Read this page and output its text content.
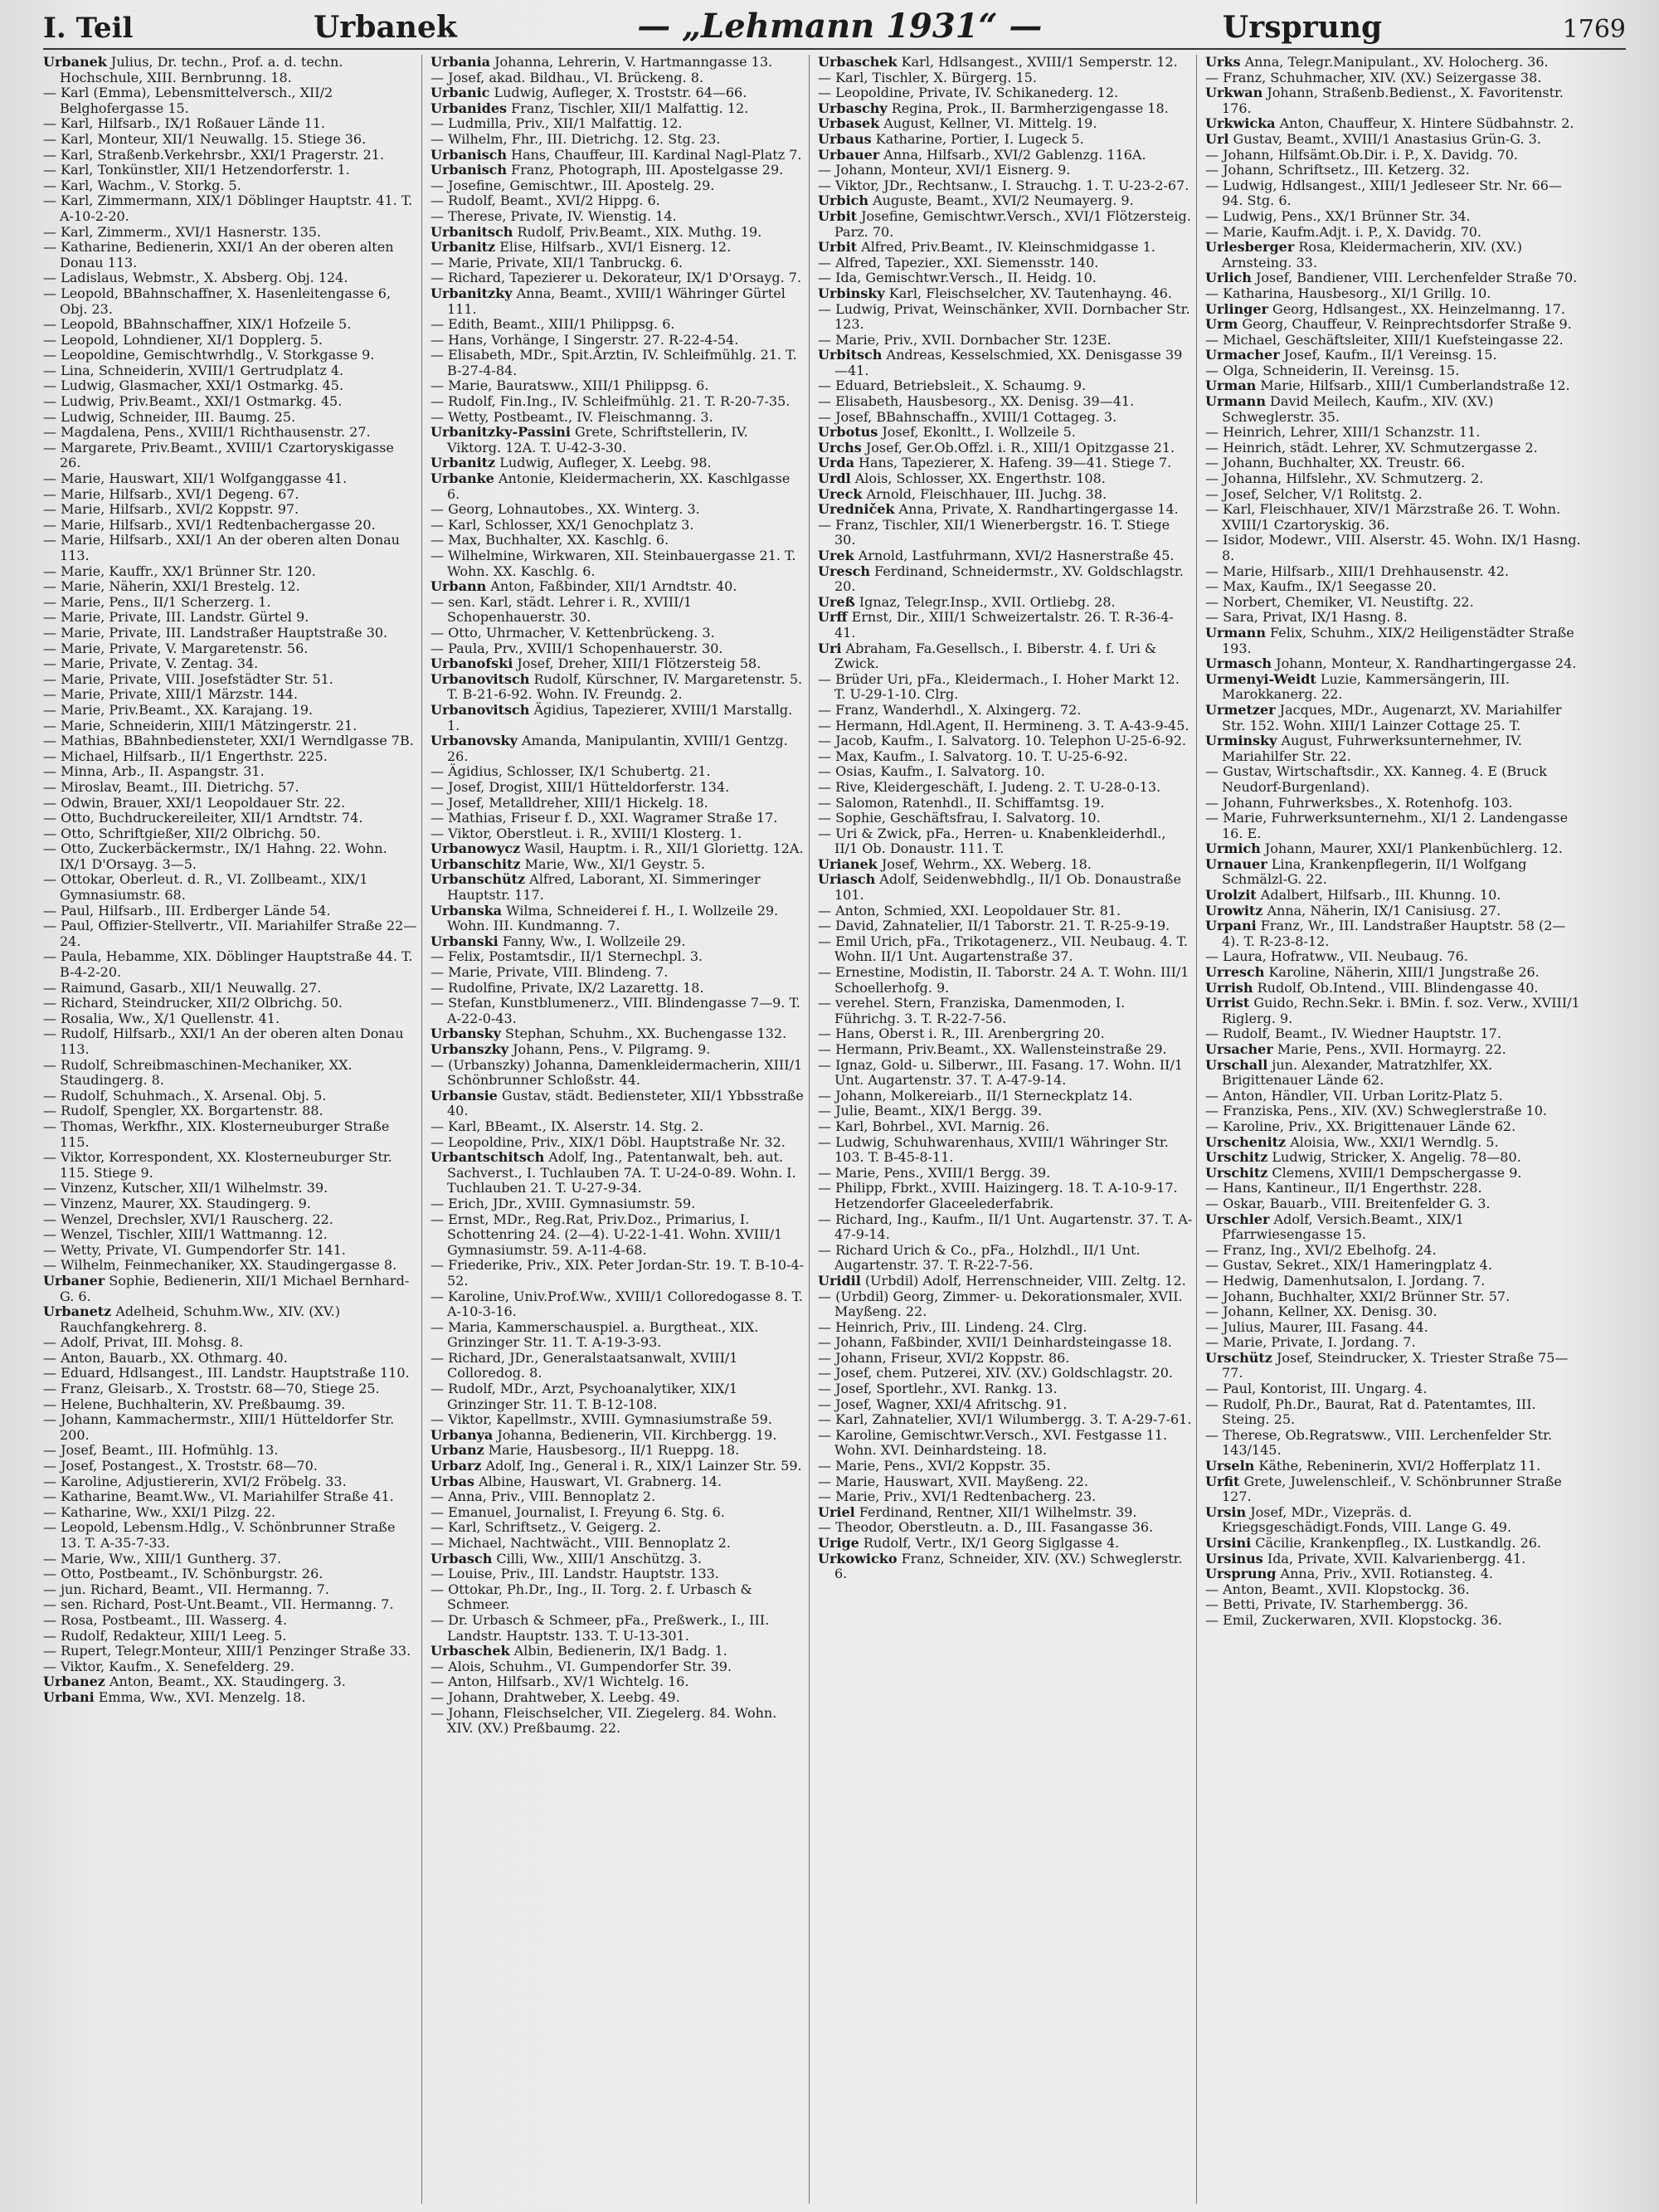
I. Teil	Urbanek	— „Lehmann 1931“ —	Ursprung	1769
Urbanek Julius, Dr. techn., Prof. a. d. techn. Hochschule, XIII. Bernbrunng. 18.
— Karl (Emma), Lebensmittelversch., XII/2 Belghofergasse 15.
— Karl, Hilfsarb., IX/1 Roßauer Lände 11.
— Karl, Monteur, XII/1 Neuwallg. 15. Stiege 36.
— Karl, Straßenb.Verkehrsbr., XXI/1 Pragerstr. 21.
— Karl, Tonkünstler, XII/1 Hetzendorferstr. 1.
— Karl, Wachm., V. Storkg. 5.
— Karl, Zimmermann, XIX/1 Döblinger Hauptstr. 41. T. A-10-2-20.
— Karl, Zimmerm., XVI/1 Hasnerstr. 135.
— Katharine, Bedienerin, XXI/1 An der oberen alten Donau 113.
— Ladislaus, Webmstr., X. Absberg. Obj. 124.
— Leopold, BBahnschaffner, X. Hasenleitengasse 6, Obj. 23.
— Leopold, BBahnschaffner, XIX/1 Hofzeile 5.
— Leopold, Lohndiener, XI/1 Dopplerg. 5.
— Leopoldine, Gemischtwrhdlg., V. Storkgasse 9.
— Lina, Schneiderin, XVIII/1 Gertrudplatz 4.
— Ludwig, Glasmacher, XXI/1 Ostmarkg. 45.
— Ludwig, Priv.Beamt., XXI/1 Ostmarkg. 45.
— Ludwig, Schneider, III. Baumg. 25.
— Magdalena, Pens., XVIII/1 Richthausenstr. 27.
— Margarete, Priv.Beamt., XVIII/1 Czartoryskigasse 26.
— Marie, Hauswart, XII/1 Wolfganggasse 41.
— Marie, Hilfsarb., XVI/1 Degeng. 67.
— Marie, Hilfsarb., XVI/2 Koppstr. 97.
— Marie, Hilfsarb., XVI/1 Redtenbachergasse 20.
— Marie, Hilfsarb., XXI/1 An der oberen alten Donau 113.
— Marie, Kauffr., XX/1 Brünner Str. 120.
— Marie, Näherin, XXI/1 Brestelg. 12.
— Marie, Pens., II/1 Scherzerg. 1.
— Marie, Private, III. Landstr. Gürtel 9.
— Marie, Private, III. Landstraßer Hauptstraße 30.
— Marie, Private, V. Margaretenstr. 56.
— Marie, Private, V. Zentag. 34.
— Marie, Private, VIII. Josefstädter Str. 51.
— Marie, Private, XIII/1 Märzstr. 144.
— Marie, Priv.Beamt., XX. Karajang. 19.
— Marie, Schneiderin, XIII/1 Mätzingerstr. 21.
— Mathias, BBahnbediensteter, XXI/1 Werndlgasse 7B.
— Michael, Hilfsarb., II/1 Engerthstr. 225.
— Minna, Arb., II. Aspangstr. 31.
— Miroslav, Beamt., III. Dietrichg. 57.
— Odwin, Brauer, XXI/1 Leopoldauer Str. 22.
— Otto, Buchdruckereileiter, XII/1 Arndtstr. 74.
— Otto, Schriftgießer, XII/2 Olbrichg. 50.
— Otto, Zuckerbäckermstr., IX/1 Hahng. 22. Wohn. IX/1 D'Orsayg. 3—5.
— Ottokar, Oberleut. d. R., VI. Zollbeamt., XIX/1 Gymnasiumstr. 68.
— Paul, Hilfsarb., III. Erdberger Lände 54.
— Paul, Offizier-Stellvertr., VII. Mariahilfer Straße 22—24.
— Paula, Hebamme, XIX. Döblinger Hauptstraße 44. T. B-4-2-20.
— Raimund, Gasarb., XII/1 Neuwallg. 27.
— Richard, Steindrucker, XII/2 Olbrichg. 50.
— Rosalia, Ww., X/1 Quellenstr. 41.
— Rudolf, Hilfsarb., XXI/1 An der oberen alten Donau 113.
— Rudolf, Schreibmaschinen-Mechaniker, XX. Staudingerg. 8.
— Rudolf, Schuhmach., X. Arsenal. Obj. 5.
— Rudolf, Spengler, XX. Borgartenstr. 88.
— Thomas, Werkfhr., XIX. Klosterneuburger Straße 115.
— Viktor, Korrespondent, XX. Klosterneuburger Str. 115. Stiege 9.
— Vinzenz, Kutscher, XII/1 Wilhelmstr. 39.
— Vinzenz, Maurer, XX. Staudingerg. 9.
— Wenzel, Drechsler, XVI/1 Rauscherg. 22.
— Wenzel, Tischler, XIII/1 Wattmanng. 12.
— Wetty, Private, VI. Gumpendorfer Str. 141.
— Wilhelm, Feinmechaniker, XX. Staudingergasse 8.
Urbaner Sophie, Bedienerin, XII/1 Michael Bernhard-G. 6.
Urbanetz Adelheid, Schuhm.Ww., XIV. (XV.) Rauchfangkehrerg. 8.
— Adolf, Privat, III. Mohsg. 8.
— Anton, Bauarb., XX. Othmarg. 40.
— Eduard, Hdlsangest., III. Landstr. Hauptstraße 110.
— Franz, Gleisarb., X. Troststr. 68—70, Stiege 25.
— Helene, Buchhalterin, XV. Preßbaumg. 39.
— Johann, Kammachermstr., XIII/1 Hütteldorfer Str. 200.
— Josef, Beamt., III. Hofmühlg. 13.
— Josef, Postangest., X. Troststr. 68—70.
— Karoline, Adjustiererin, XVI/2 Fröbelg. 33.
— Katharine, Beamt.Ww., VI. Mariahilfer Straße 41.
— Katharine, Ww., XXI/1 Pilzg. 22.
— Leopold, Lebensm.Hdlg., V. Schönbrunner Straße 13. T. A-35-7-33.
— Marie, Ww., XIII/1 Guntherg. 37.
— Otto, Postbeamt., IV. Schönburgstr. 26.
— jun. Richard, Beamt., VII. Hermanng. 7.
— sen. Richard, Post-Unt.Beamt., VII. Hermanng. 7.
— Rosa, Postbeamt., III. Wasserg. 4.
— Rudolf, Redakteur, XIII/1 Leeg. 5.
— Rupert, Telegr.Monteur, XIII/1 Penzinger Straße 33.
— Viktor, Kaufm., X. Senefelderg. 29.
Urbanez Anton, Beamt., XX. Staudingerg. 3.
Urbani Emma, Ww., XVI. Menzelg. 18.
Urbania Johanna, Lehrerin, V. Hartmanngasse 13.
— Josef, akad. Bildhau., VI. Brückeng. 8.
Urbanic Ludwig, Aufleger, X. Troststr. 64—66.
Urbanides Franz, Tischler, XII/1 Malfattig. 12.
— Ludmilla, Priv., XII/1 Malfattig. 12.
— Wilhelm, Fhr., III. Dietrichg. 12. Stg. 23.
Urbanisch Hans, Chauffeur, III. Kardinal Nagl-Platz 7.
Urbanisch Franz, Photograph, III. Apostelgasse 29.
— Josefine, Gemischtwr., III. Apostelg. 29.
— Rudolf, Beamt., XVI/2 Hippg. 6.
— Therese, Private, IV. Wienstig. 14.
Urbanitsch Rudolf, Priv.Beamt., XIX. Muthg. 19.
Urbanitz Elise, Hilfsarb., XVI/1 Eisnerg. 12.
— Marie, Private, XII/1 Tanbruckg. 6.
— Richard, Tapezierer u. Dekorateur, IX/1 D'Orsayg. 7.
Urbanitzky Anna, Beamt., XVIII/1 Währinger Gürtel 111.
— Edith, Beamt., XIII/1 Philippsg. 6.
— Hans, Vorhänge, I Singerstr. 27. R-22-4-54.
— Elisabeth, MDr., Spit.Ärztin, IV. Schleifmühlg. 21. T. B-27-4-84.
— Marie, Bauratsww., XIII/1 Philippsg. 6.
— Rudolf, Fin.Ing., IV. Schleifmühlg. 21. T. R-20-7-35.
— Wetty, Postbeamt., IV. Fleischmanng. 3.
Urbanitzky-Passini Grete, Schriftstellerin, IV. Viktorg. 12A. T. U-42-3-30.
Urbanitz Ludwig, Aufleger, X. Leebg. 98.
Urbanke Antonie, Kleidermacherin, XX. Kaschlgasse 6.
— Georg, Lohnautobes., XX. Winterg. 3.
— Karl, Schlosser, XX/1 Genochplatz 3.
— Max, Buchhalter, XX. Kaschlg. 6.
— Wilhelmine, Wirkwaren, XII. Steinbauergasse 21. T. Wohn. XX. Kaschlg. 6.
Urbann Anton, Faßbinder, XII/1 Arndtstr. 40.
— sen. Karl, städt. Lehrer i. R., XVIII/1 Schopenhauerstr. 30.
— Otto, Uhrmacher, V. Kettenbrückeng. 3.
— Paula, Prv., XVIII/1 Schopenhauerstr. 30.
Urbanofski Josef, Dreher, XIII/1 Flötzersteig 58.
Urbanovitsch Rudolf, Kürschner, IV. Margaretenstr. 5. T. B-21-6-92. Wohn. IV. Freundg. 2.
Urbanovitsch Ägidius, Tapezierer, XVIII/1 Marstallg. 1.
Urbanovsky Amanda, Manipulantin, XVIII/1 Gentzg. 26.
— Ägidius, Schlosser, IX/1 Schubertg. 21.
— Josef, Drogist, XIII/1 Hütteldorferstr. 134.
— Josef, Metalldreher, XIII/1 Hickelg. 18.
— Mathias, Friseur f. D., XXI. Wagramer Straße 17.
— Viktor, Oberstleut. i. R., XVIII/1 Klosterg. 1.
Urbanowycz Wasil, Hauptm. i. R., XII/1 Gloriettg. 12A.
Urbanschitz Marie, Ww., XI/1 Geystr. 5.
Urbanschütz Alfred, Laborant, XI. Simmeringer Hauptstr. 117.
Urbanska Wilma, Schneiderei f. H., I. Wollzeile 29. Wohn. III. Kundmanng. 7.
Urbanski Fanny, Ww., I. Wollzeile 29.
— Felix, Postamtsdir., II/1 Sternechpl. 3.
— Marie, Private, VIII. Blindeng. 7.
— Rudolfine, Private, IX/2 Lazarettg. 18.
— Stefan, Kunstblumenerz., VIII. Blindengasse 7—9. T. A-22-0-43.
Urbansky Stephan, Schuhm., XX. Buchengasse 132.
Urbanszky Johann, Pens., V. Pilgramg. 9.
— (Urbanszky) Johanna, Damenkleidermacherin, XIII/1 Schönbrunner Schloßstr. 44.
Urbansie Gustav, städt. Bediensteter, XII/1 Ybbsstraße 40.
— Karl, BBeamt., IX. Alserstr. 14. Stg. 2.
— Leopoldine, Priv., XIX/1 Döbl. Hauptstraße Nr. 32.
Urbantschitsch Adolf, Ing., Patentanwalt, beh. aut. Sachverst., I. Tuchlauben 7A. T. U-24-0-89. Wohn. I. Tuchlauben 21. T. U-27-9-34.
— Erich, JDr., XVIII. Gymnasiumstr. 59.
— Ernst, MDr., Reg.Rat, Priv.Doz., Primarius, I. Schottenring 24. (2—4). U-22-1-41. Wohn. XVIII/1 Gymnasiumstr. 59. A-11-4-68.
— Friederike, Priv., XIX. Peter Jordan-Str. 19. T. B-10-4-52.
— Karoline, Univ.Prof.Ww., XVIII/1 Colloredogasse 8. T. A-10-3-16.
— Maria, Kammerschauspiel. a. Burgtheat., XIX. Grinzinger Str. 11. T. A-19-3-93.
— Richard, JDr., Generalstaatsanwalt, XVIII/1 Colloredog. 8.
— Rudolf, MDr., Arzt, Psychoanalytiker, XIX/1 Grinzinger Str. 11. T. B-12-108.
— Viktor, Kapellmstr., XVIII. Gymnasiumstraße 59.
Urbanya Johanna, Bedienerin, VII. Kirchbergg. 19.
Urbanz Marie, Hausbesorg., II/1 Rueppg. 18.
Urbarz Adolf, Ing., General i. R., XIX/1 Lainzer Str. 59.
Urbas Albine, Hauswart, VI. Grabnerg. 14.
— Anna, Priv., VIII. Bennoplatz 2.
— Emanuel, Journalist, I. Freyung 6. Stg. 6.
— Karl, Schriftsetz., V. Geigerg. 2.
— Michael, Nachtwächt., VIII. Bennoplatz 2.
Urbasch Cilli, Ww., XIII/1 Anschützg. 3.
— Louise, Priv., III. Landstr. Hauptstr. 133.
— Ottokar, Ph.Dr., Ing., II. Torg. 2. f. Urbasch & Schmeer.
— Dr. Urbasch & Schmeer, pFa., Preßwerk., I., III. Landstr. Hauptstr. 133. T. U-13-301.
Urbaschek Albin, Bedienerin, IX/1 Badg. 1.
— Alois, Schuhm., VI. Gumpendorfer Str. 39.
— Anton, Hilfsarb., XV/1 Wichtelg. 16.
— Johann, Drahtweber, X. Leebg. 49.
— Johann, Fleischselcher, VII. Ziegelerg. 84. Wohn. XIV. (XV.) Preßbaumg. 22.
Urbaschek Karl, Hdlsangest., XVIII/1 Semperstr. 12.
— Karl, Tischler, X. Bürgerg. 15.
— Leopoldine, Private, IV. Schikanederg. 12.
Urbaschy Regina, Prok., II. Barmherzigengasse 18.
Urbasek August, Kellner, VI. Mittelg. 19.
Urbaus Katharine, Portier, I. Lugeck 5.
Urbauer Anna, Hilfsarb., XVI/2 Gablenzg. 116A.
— Johann, Monteur, XVI/1 Eisnerg. 9.
— Viktor, JDr., Rechtsanw., I. Strauchg. 1. T. U-23-2-67.
Urbich Auguste, Beamt., XVI/2 Neumayerg. 9.
Urbit Josefine, Gemischtwr.Versch., XVI/1 Flötzersteig. Parz. 70.
Urbit Alfred, Priv.Beamt., IV. Kleinschmidgasse 1.
— Alfred, Tapezier., XXI. Siemensstr. 140.
— Ida, Gemischtwr.Versch., II. Heidg. 10.
Urbinsky Karl, Fleischselcher, XV. Tautenhayng. 46.
— Ludwig, Privat, Weinschänker, XVII. Dornbacher Str. 123.
— Marie, Priv., XVII. Dornbacher Str. 123E.
Urbitsch Andreas, Kesselschmied, XX. Denisgasse 39—41.
— Eduard, Betriebsleit., X. Schaumg. 9.
— Elisabeth, Hausbesorg., XX. Denisg. 39—41.
— Josef, BBahnschaffn., XVIII/1 Cottageg. 3.
Urbotus Josef, Ekonltt., I. Wollzeile 5.
Urchs Josef, Ger.Ob.Offzl. i. R., XIII/1 Opitzgasse 21.
Urda Hans, Tapezierer, X. Hafeng. 39—41. Stiege 7.
Urdl Alois, Schlosser, XX. Engerthstr. 108.
Ureck Arnold, Fleischhauer, III. Juchg. 38.
Uredniček Anna, Private, X. Randhartingergasse 14.
— Franz, Tischler, XII/1 Wienerbergstr. 16. T. Stiege 30.
Urek Arnold, Lastfuhrmann, XVI/2 Hasnerstraße 45.
Uresch Ferdinand, Schneidermstr., XV. Goldschlagstr. 20.
Ureß Ignaz, Telegr.Insp., XVII. Ortliebg. 28.
Urff Ernst, Dir., XIII/1 Schweizertalstr. 26. T. R-36-4-41.
Uri Abraham, Fa.Gesellsch., I. Biberstr. 4. f. Uri & Zwick.
— Brüder Uri, pFa., Kleidermach., I. Hoher Markt 12. T. U-29-1-10. Clrg.
— Franz, Wanderhdl., X. Alxingerg. 72.
— Hermann, Hdl.Agent, II. Hermineng. 3. T. A-43-9-45.
— Jacob, Kaufm., I. Salvatorg. 10. Telephon U-25-6-92.
— Max, Kaufm., I. Salvatorg. 10. T. U-25-6-92.
— Osias, Kaufm., I. Salvatorg. 10.
— Rive, Kleidergeschäft, I. Judeng. 2. T. U-28-0-13.
— Salomon, Ratenhdl., II. Schiffamtsg. 19.
— Sophie, Geschäftsfrau, I. Salvatorg. 10.
— Uri & Zwick, pFa., Herren- u. Knabenkleiderhdl., II/1 Ob. Donaustr. 111. T.
Urianek Josef, Wehrm., XX. Weberg. 18.
Uriasch Adolf, Seidenwebhdlg., II/1 Ob. Donaustraße 101.
— Anton, Schmied, XXI. Leopoldauer Str. 81.
— David, Zahnatelier, II/1 Taborstr. 21. T. R-25-9-19.
— Emil Urich, pFa., Trikotagenerz., VII. Neubaug. 4. T. Wohn. II/1 Unt. Augartenstraße 37.
— Ernestine, Modistin, II. Taborstr. 24 A. T. Wohn. III/1 Schoellerhofg. 9.
— verehel. Stern, Franziska, Damenmoden, I. Führichg. 3. T. R-22-7-56.
— Hans, Oberst i. R., III. Arenbergring 20.
— Hermann, Priv.Beamt., XX. Wallensteinstraße 29.
— Ignaz, Gold- u. Silberwr., III. Fasang. 17. Wohn. II/1 Unt. Augartenstr. 37. T. A-47-9-14.
— Johann, Molkereiarb., II/1 Sterneckplatz 14.
— Julie, Beamt., XIX/1 Bergg. 39.
— Karl, Bohrbel., XVI. Marnig. 26.
— Ludwig, Schuhwarenhaus, XVIII/1 Währinger Str. 103. T. B-45-8-11.
— Marie, Pens., XVIII/1 Bergg. 39.
— Philipp, Fbrkt., XVIII. Haizingerg. 18. T. A-10-9-17. Hetzendorfer Glaceelederfabrik.
— Richard, Ing., Kaufm., II/1 Unt. Augartenstr. 37. T. A-47-9-14.
— Richard Urich & Co., pFa., Holzhdl., II/1 Unt. Augartenstr. 37. T. R-22-7-56.
Uridil (Urbdil) Adolf, Herrenschneider, VIII. Zeltg. 12.
— (Urbdil) Georg, Zimmer- u. Dekorationsmaler, XVII. Mayßeng. 22.
— Heinrich, Priv., III. Lindeng. 24. Clrg.
— Johann, Faßbinder, XVII/1 Deinhardsteingasse 18.
— Johann, Friseur, XVI/2 Koppstr. 86.
— Josef, chem. Putzerei, XIV. (XV.) Goldschlagstr. 20.
— Josef, Sportlehr., XVI. Rankg. 13.
— Josef, Wagner, XXI/4 Afritschg. 91.
— Karl, Zahnatelier, XVI/1 Wilumbergg. 3. T. A-29-7-61.
— Karoline, Gemischtwr.Versch., XVI. Festgasse 11. Wohn. XVI. Deinhardsteing. 18.
— Marie, Pens., XVI/2 Koppstr. 35.
— Marie, Hauswart, XVII. Mayßeng. 22.
— Marie, Priv., XVI/1 Redtenbacherg. 23.
Uriel Ferdinand, Rentner, XII/1 Wilhelmstr. 39.
— Theodor, Oberstleutn. a. D., III. Fasangasse 36.
Urige Rudolf, Vertr., IX/1 Georg Siglgasse 4.
Urkowicko Franz, Schneider, XIV. (XV.) Schweglerstr. 6.
Urks Anna, Telegr.Manipulant., XV. Holocherg. 36.
— Franz, Schuhmacher, XIV. (XV.) Seizergasse 38.
Urkwan Johann, Straßenb.Bedienst., X. Favoritenstr. 176.
Urkwicka Anton, Chauffeur, X. Hintere Südbahnstr. 2.
Url Gustav, Beamt., XVIII/1 Anastasius Grün-G. 3.
— Johann, Hilfsämt.Ob.Dir. i. P., X. Davidg. 70.
— Johann, Schriftsetz., III. Ketzerg. 32.
— Ludwig, Hdlsangest., XIII/1 Jedleseer Str. Nr. 66—94. Stg. 6.
— Ludwig, Pens., XX/1 Brünner Str. 34.
— Marie, Kaufm.Adjt. i. P., X. Davidg. 70.
Urlesberger Rosa, Kleidermacherin, XIV. (XV.) Arnsteing. 33.
Urlich Josef, Bandiener, VIII. Lerchenfelder Straße 70.
— Katharina, Hausbesorg., XI/1 Grillg. 10.
Urlinger Georg, Hdlsangest., XX. Heinzelmanng. 17.
Urm Georg, Chauffeur, V. Reinprechtsdorfer Straße 9.
— Michael, Geschäftsleiter, XIII/1 Kuefsteingasse 22.
Urmacher Josef, Kaufm., II/1 Vereinsg. 15.
— Olga, Schneiderin, II. Vereinsg. 15.
Urman Marie, Hilfsarb., XIII/1 Cumberlandstraße 12.
Urmann David Meilech, Kaufm., XIV. (XV.) Schweglerstr. 35.
— Heinrich, Lehrer, XIII/1 Schanzstr. 11.
— Heinrich, städt. Lehrer, XV. Schmutzergasse 2.
— Johann, Buchhalter, XX. Treustr. 66.
— Johanna, Hilfslehr., XV. Schmutzerg. 2.
— Josef, Selcher, V/1 Rolitstg. 2.
— Karl, Fleischhauer, XIV/1 Märzstraße 26. T. Wohn. XVIII/1 Czartoryskig. 36.
— Isidor, Modewr., VIII. Alserstr. 45. Wohn. IX/1 Hasng. 8.
— Marie, Hilfsarb., XIII/1 Drehhausenstr. 42.
— Max, Kaufm., IX/1 Seegasse 20.
— Norbert, Chemiker, VI. Neustiftg. 22.
— Sara, Privat, IX/1 Hasng. 8.
Urmann Felix, Schuhm., XIX/2 Heiligenstädter Straße 193.
Urmasch Johann, Monteur, X. Randhartingergasse 24.
Urmenyi-Weidt Luzie, Kammersängerin, III. Marokkanerg. 22.
Urmetzer Jacques, MDr., Augenarzt, XV. Mariahilfer Str. 152. Wohn. XIII/1 Lainzer Cottage 25. T.
Urminsky August, Fuhrwerksunternehmer, IV. Mariahilfer Str. 22.
— Gustav, Wirtschaftsdir., XX. Kanneg. 4. E (Bruck Neudorf-Burgenland).
— Johann, Fuhrwerksbes., X. Rotenhofg. 103.
— Marie, Fuhrwerksunternehm., XI/1 2. Landengasse 16. E.
Urmich Johann, Maurer, XXI/1 Plankenbüchlerg. 12.
Urnauer Lina, Krankenpflegerin, II/1 Wolfgang Schmälzl-G. 22.
Urolzit Adalbert, Hilfsarb., III. Khunng. 10.
Urowitz Anna, Näherin, IX/1 Canisiusg. 27.
Urpani Franz, Wr., III. Landstraßer Hauptstr. 58 (2—4). T. R-23-8-12.
— Laura, Hofratww., VII. Neubaug. 76.
Urresch Karoline, Näherin, XIII/1 Jungstraße 26.
Urrish Rudolf, Ob.Intend., VIII. Blindengasse 40.
Urrist Guido, Rechn.Sekr. i. BMin. f. soz. Verw., XVIII/1 Riglerg. 9.
— Rudolf, Beamt., IV. Wiedner Hauptstr. 17.
Ursacher Marie, Pens., XVII. Hormayrg. 22.
Urschall jun. Alexander, Matratzhlfer, XX. Brigittenauer Lände 62.
— Anton, Händler, VII. Urban Loritz-Platz 5.
— Franziska, Pens., XIV. (XV.) Schweglerstraße 10.
— Karoline, Priv., XX. Brigittenauer Lände 62.
Urschenitz Aloisia, Ww., XXI/1 Werndlg. 5.
Urschitz Ludwig, Stricker, X. Angelig. 78—80.
Urschitz Clemens, XVIII/1 Dempschergasse 9.
— Hans, Kantineur., II/1 Engerthstr. 228.
— Oskar, Bauarb., VIII. Breitenfelder G. 3.
Urschler Adolf, Versich.Beamt., XIX/1 Pfarrwiesengasse 15.
— Franz, Ing., XVI/2 Ebelhofg. 24.
— Gustav, Sekret., XIX/1 Hameringplatz 4.
— Hedwig, Damenhutsalon, I. Jordang. 7.
— Johann, Buchhalter, XXI/2 Brünner Str. 57.
— Johann, Kellner, XX. Denisg. 30.
— Julius, Maurer, III. Fasang. 44.
— Marie, Private, I. Jordang. 7.
Urschütz Josef, Steindrucker, X. Triester Straße 75—77.
— Paul, Kontorist, III. Ungarg. 4.
— Rudolf, Ph.Dr., Baurat, Rat d. Patentamtes, III. Steing. 25.
— Therese, Ob.Regratsww., VIII. Lerchenfelder Str. 143/145.
Urseln Käthe, Rebeninerin, XVI/2 Hofferplatz 11.
Urfit Grete, Juwelenschleif., V. Schönbrunner Straße 127.
Ursin Josef, MDr., Vizepräs. d. Kriegsgeschädigt.Fonds, VIII. Lange G. 49.
Ursini Cäcilie, Krankenpfleg., IX. Lustkandlg. 26.
Ursinus Ida, Private, XVII. Kalvarienbergg. 41.
Ursprung Anna, Priv., XVII. Rotiansteg. 4.
— Anton, Beamt., XVII. Klopstockg. 36.
— Betti, Private, IV. Starhembergg. 36.
— Emil, Zuckerwaren, XVII. Klopstockg. 36.
